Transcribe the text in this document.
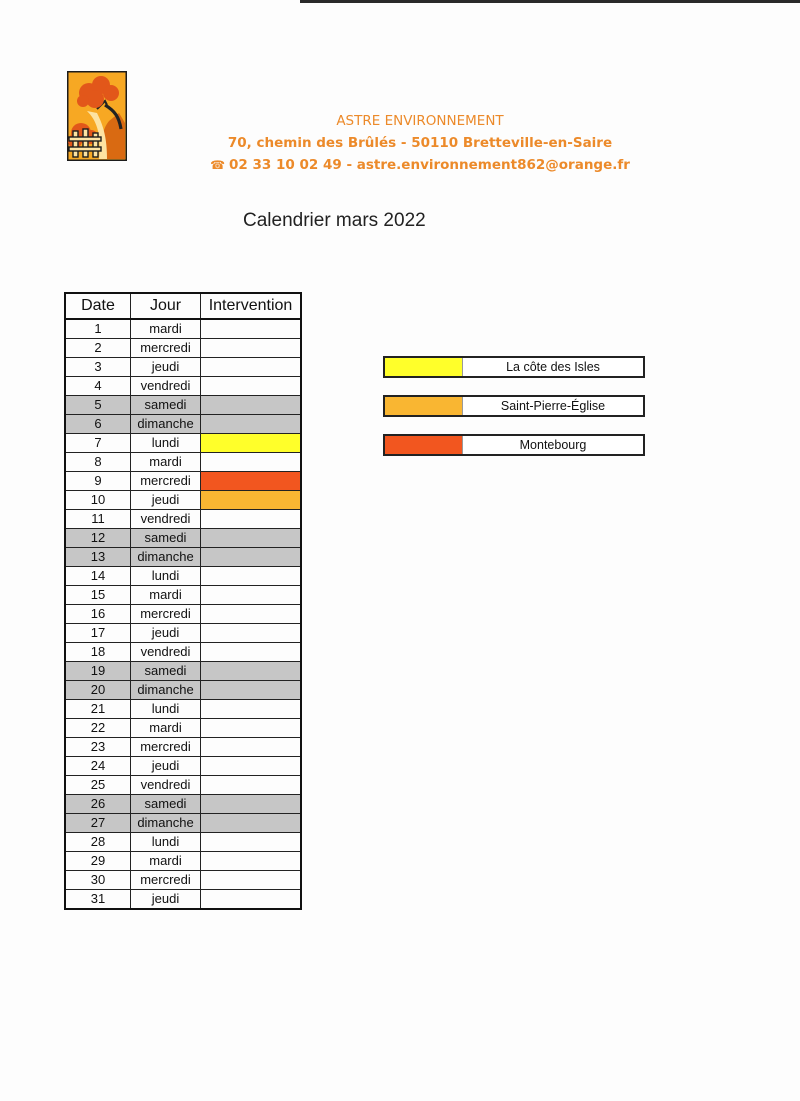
ASTRE ENVIRONNEMENT
70, chemin des Brûlés - 50110 Bretteville-en-Saire
☎ 02 33 10 02 49 - astre.environnement862@orange.fr
Calendrier mars 2022
Date	Jour	Intervention
1	mardi	
2	mercredi	
3	jeudi	
4	vendredi	
5	samedi	
6	dimanche	
7	lundi	
8	mardi	
9	mercredi	
10	jeudi	
11	vendredi	
12	samedi	
13	dimanche	
14	lundi	
15	mardi	
16	mercredi	
17	jeudi	
18	vendredi	
19	samedi	
20	dimanche	
21	lundi	
22	mardi	
23	mercredi	
24	jeudi	
25	vendredi	
26	samedi	
27	dimanche	
28	lundi	
29	mardi	
30	mercredi	
31	jeudi	
La côte des Isles
Saint-Pierre-Église
Montebourg
